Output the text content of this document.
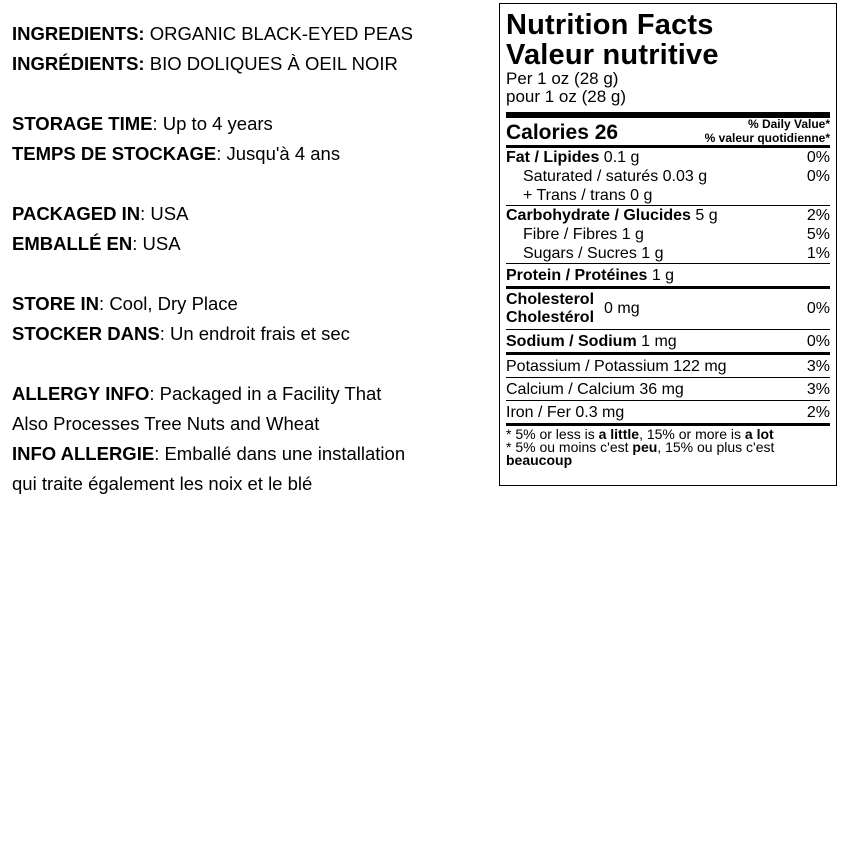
INGREDIENTS: ORGANIC BLACK-EYED PEAS
INGRÉDIENTS: BIO DOLIQUES À OEIL NOIR
STORAGE TIME: Up to 4 years
TEMPS DE STOCKAGE: Jusqu'à 4 ans
PACKAGED IN: USA
EMBALLÉ EN: USA
STORE IN: Cool, Dry Place
STOCKER DANS: Un endroit frais et sec
ALLERGY INFO: Packaged in a Facility That
Also Processes Tree Nuts and Wheat
INFO ALLERGIE: Emballé dans une installation
qui traite également les noix et le blé
Nutrition Facts
Valeur nutritive
Per 1 oz (28 g)
pour 1 oz (28 g)
Calories 26	% Daily Value*
% valeur quotidienne*
Fat / Lipides 0.1 g	0%
Saturated / saturés 0.03 g	0%
+ Trans / trans 0 g
Carbohydrate / Glucides 5 g	2%
Fibre / Fibres 1 g	5%
Sugars / Sucres 1 g	1%
Protein / Protéines 1 g
Cholesterol
Cholestérol
0 mg	0%
Sodium / Sodium 1 mg	0%
Potassium / Potassium 122 mg	3%
Calcium / Calcium 36 mg	3%
Iron / Fer 0.3 mg	2%
* 5% or less is a little, 15% or more is a lot
* 5% ou moins c'est peu, 15% ou plus c'est
beaucoup
